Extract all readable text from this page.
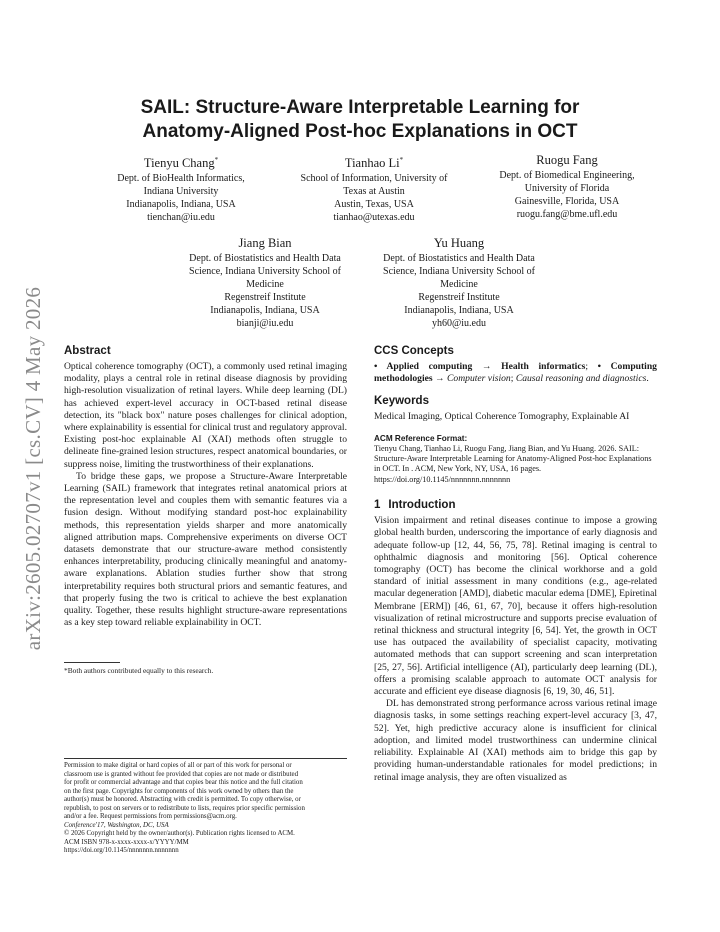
arXiv:2605.02707v1 [cs.CV] 4 May 2026
SAIL: Structure-Aware Interpretable Learning for
Anatomy-Aligned Post-hoc Explanations in OCT
Tienyu Chang*
Dept. of BioHealth Informatics,
Indiana University
Indianapolis, Indiana, USA
tienchan@iu.edu
Tianhao Li*
School of Information, University of
Texas at Austin
Austin, Texas, USA
tianhao@utexas.edu
Ruogu Fang
Dept. of Biomedical Engineering,
University of Florida
Gainesville, Florida, USA
ruogu.fang@bme.ufl.edu
Jiang Bian
Dept. of Biostatistics and Health Data
Science, Indiana University School of
Medicine
Regenstreif Institute
Indianapolis, Indiana, USA
bianji@iu.edu
Yu Huang
Dept. of Biostatistics and Health Data
Science, Indiana University School of
Medicine
Regenstreif Institute
Indianapolis, Indiana, USA
yh60@iu.edu
Abstract

Optical coherence tomography (OCT), a commonly used retinal imaging modality, plays a central role in retinal disease diagnosis by providing high-resolution visualization of retinal layers. While deep learning (DL) has achieved expert-level accuracy in OCT-based retinal disease detection, its "black box" nature poses challenges for clinical adoption, where explainability is essential for clinical trust and regulatory approval. Existing post-hoc explainable AI (XAI) methods often struggle to delineate fine-grained lesion structures, respect anatomical boundaries, or suppress noise, limiting the trustworthiness of their explanations.

To bridge these gaps, we propose a Structure-Aware Interpretable Learning (SAIL) framework that integrates retinal anatomical priors at the representation level and couples them with semantic features via a fusion design. Without modifying standard post-hoc explainability methods, this representation yields sharper and more anatomically aligned attribution maps. Comprehensive experiments on diverse OCT datasets demonstrate that our structure-aware method consistently enhances interpretability, producing clinically meaningful and anatomy-aware explanations. Ablation studies further show that strong interpretability requires both structural priors and semantic features, and that properly fusing the two is critical to achieve the best explanation quality. Together, these results highlight structure-aware representations as a key step toward reliable explainability in OCT.

*Both authors contributed equally to this research.
Permission to make digital or hard copies of all or part of this work for personal or
classroom use is granted without fee provided that copies are not made or distributed
for profit or commercial advantage and that copies bear this notice and the full citation
on the first page. Copyrights for components of this work owned by others than the
author(s) must be honored. Abstracting with credit is permitted. To copy otherwise, or
republish, to post on servers or to redistribute to lists, requires prior specific permission
and/or a fee. Request permissions from permissions@acm.org.
Conference'17, Washington, DC, USA
© 2026 Copyright held by the owner/author(s). Publication rights licensed to ACM.
ACM ISBN 978-x-xxxx-xxxx-x/YYYY/MM
https://doi.org/10.1145/nnnnnnn.nnnnnnn
CCS Concepts

• Applied computing → Health informatics; • Computing methodologies → Computer vision; Causal reasoning and diagnostics.

Keywords

Medical Imaging, Optical Coherence Tomography, Explainable AI

ACM Reference Format:

Tienyu Chang, Tianhao Li, Ruogu Fang, Jiang Bian, and Yu Huang. 2026. SAIL: Structure-Aware Interpretable Learning for Anatomy-Aligned Post-hoc Explanations in OCT. In . ACM, New York, NY, USA, 16 pages. https://doi.org/10.1145/nnnnnnn.nnnnnnn

1 Introduction

Vision impairment and retinal diseases continue to impose a growing global health burden, underscoring the importance of early diagnosis and adequate follow-up [12, 44, 56, 75, 78]. Retinal imaging is central to ophthalmic diagnosis and monitoring [56]. Optical coherence tomography (OCT) has become the clinical workhorse and a gold standard of initial assessment in many conditions (e.g., age-related macular degeneration [AMD], diabetic macular edema [DME], Epiretinal Membrane [ERM]) [46, 61, 67, 70], because it offers high-resolution visualization of retinal microstructure and supports precise evaluation of retinal thickness and structural integrity [6, 54]. Yet, the growth in OCT use has outpaced the availability of specialist capacity, motivating automated methods that can support screening and scan interpretation [25, 27, 56]. Artificial intelligence (AI), particularly deep learning (DL), offers a promising scalable approach to automate OCT analysis for accurate and efficient eye disease diagnosis [6, 19, 30, 46, 51].

DL has demonstrated strong performance across various retinal image diagnosis tasks, in some settings reaching expert-level accuracy [3, 47, 52]. Yet, high predictive accuracy alone is insufficient for clinical adoption, and limited model trustworthiness can undermine clinical reliability. Explainable AI (XAI) methods aim to bridge this gap by providing human-understandable rationales for model predictions; in retinal image analysis, they are often visualized as
